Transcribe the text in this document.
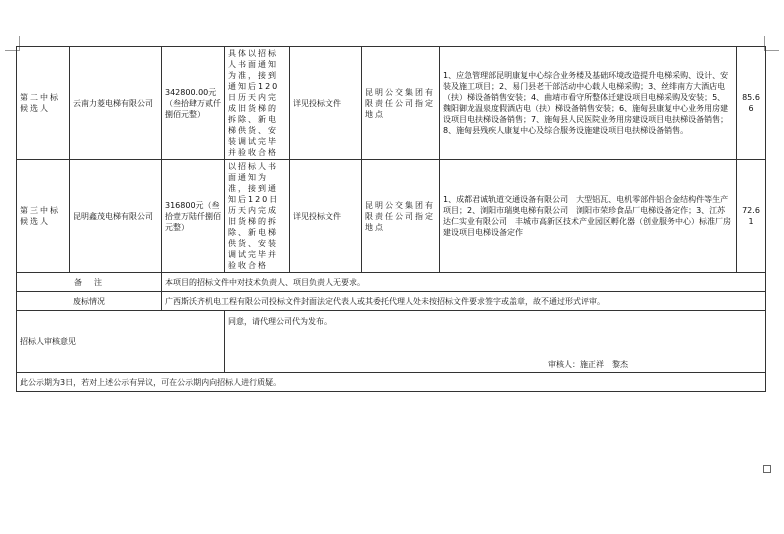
第二中标候选人	云南力菱电梯有限公司	342800.00元（叁拾肆万贰仟捌佰元整）	具体以招标人书面通知为准，接到通知后120日历天内完成旧货梯的拆除、新电梯供货、安装调试完毕并验收合格	详见投标文件	昆明公交集团有限责任公司指定地点	1、应急管理部昆明康复中心综合业务楼及基础环境改造提升电梯采购、设计、安装及施工项目；2、易门县老干部活动中心载人电梯采购；3、丝绯南方大酒店电（扶）梯设备销售安装；4、曲靖市看守所整体迁建设项目电梯采购及安装；5、魏阳御龙温泉度假酒店电（扶）梯设备销售安装；6、施甸县康复中心业务用房建设项目电扶梯设备销售；7、施甸县人民医院业务用房建设项目电扶梯设备销售；8、施甸县残疾人康复中心及综合服务设施建设项目电扶梯设备销售。	85.66
第三中标候选人	昆明鑫茂电梯有限公司	316800元（叁拾壹万陆仟捌佰元整）	以招标人书面通知为准，接到通知后120日历天内完成旧货梯的拆除、新电梯供货、安装调试完毕并验收合格	详见投标文件	昆明公交集团有限责任公司指定地点	1、成都君诚轨道交通设备有限公司　大型铝瓦、电机零部件铝合金结构件等生产项目；2、浏阳市瑞奥电梯有限公司　浏阳市荣珍食品厂电梯设备定作；3、江苏达仁实业有限公司　丰城市高新区技术产业园区孵化器（创业服务中心）标准厂房建设项目电梯设备定作	72.61
备　注		本项目的招标文件中对技术负责人、项目负责人无要求。					
废标情况		广西斯沃齐机电工程有限公司投标文件封面法定代表人或其委托代理人处未按招标文件要求签字或盖章，故不通过形式评审。					
招标人审核意见			同意，请代理公司代为发布。
审核人：施正祥　黎杰				

此公示期为3日，若对上述公示有异议，可在公示期内向招标人进行质疑。							
